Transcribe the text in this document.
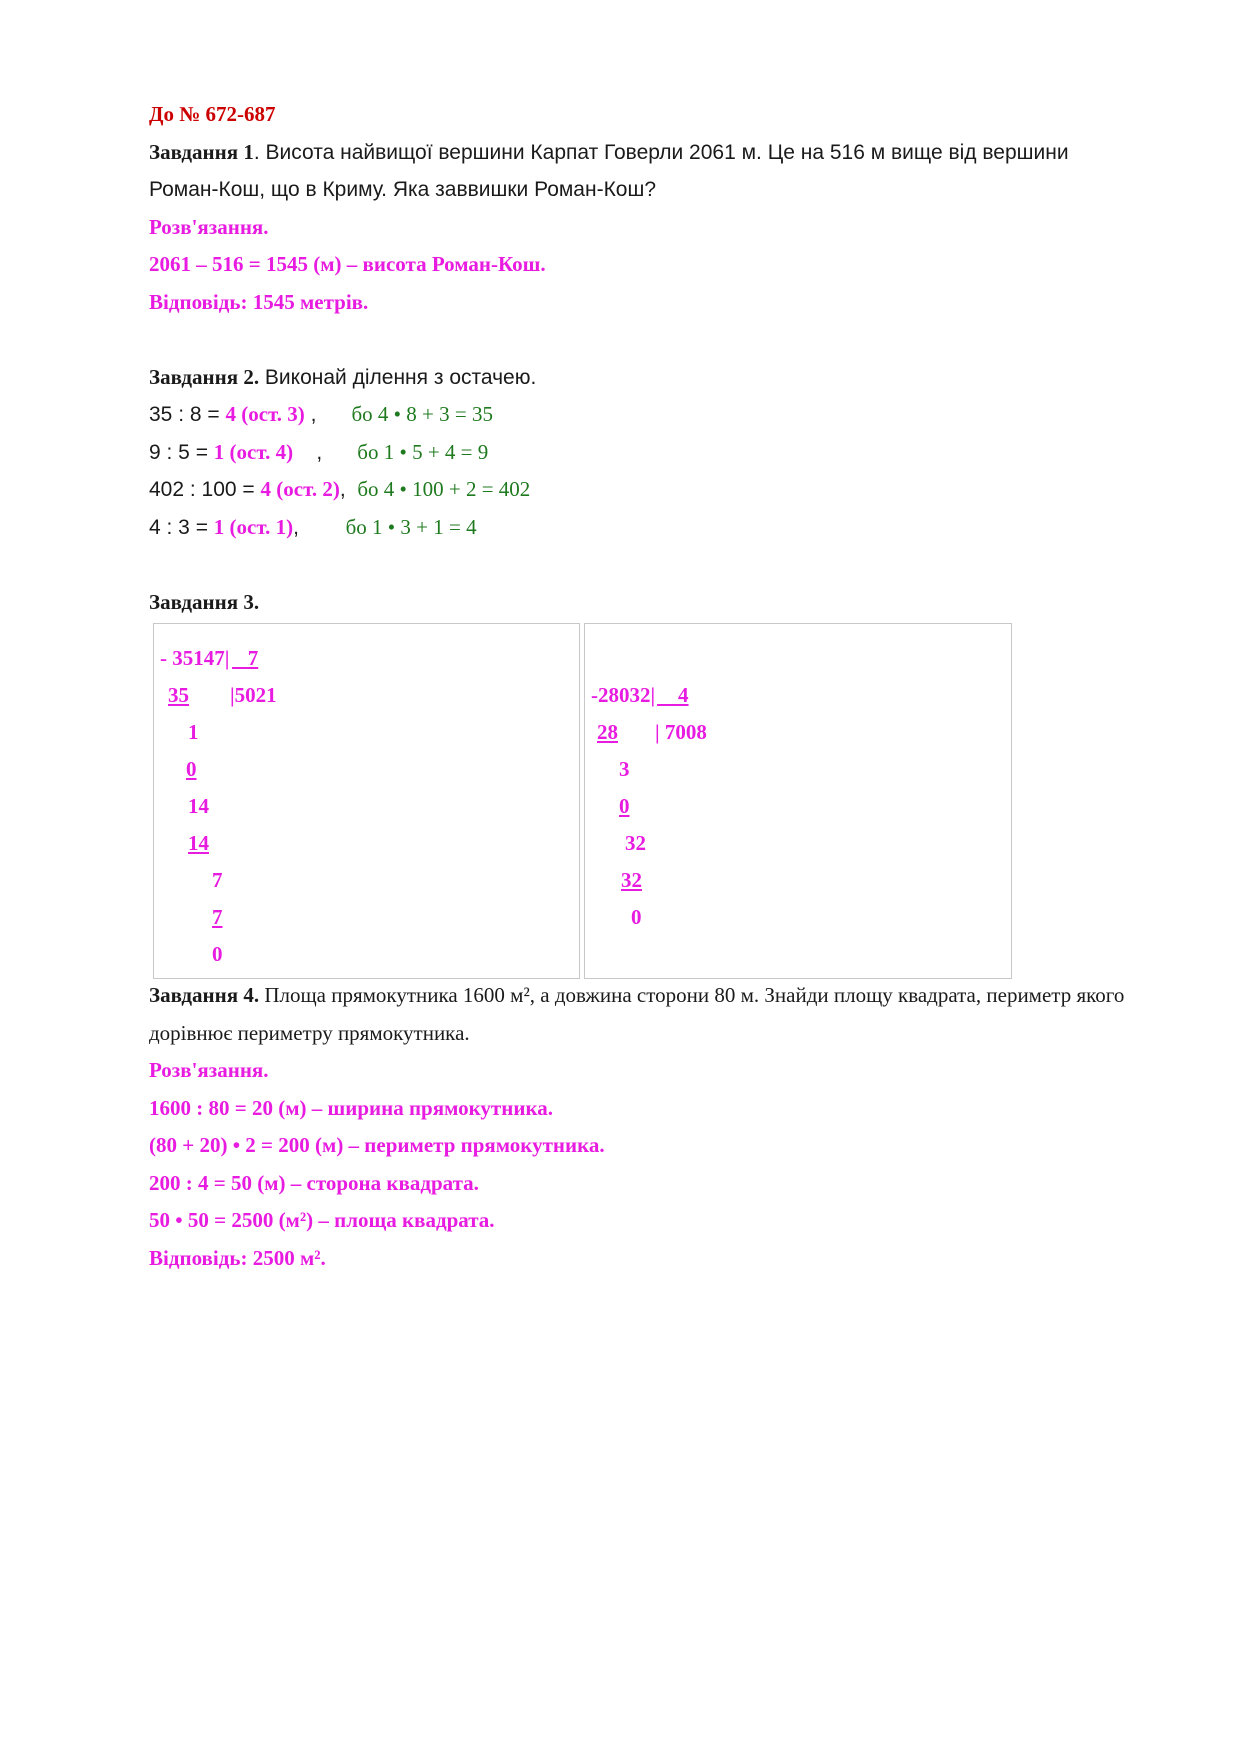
До № 672-687
Завдання 1. Висота найвищої вершини Карпат Говерли 2061 м. Це на 516 м вище від вершини Роман-Кош, що в Криму. Яка заввишки Роман-Кош?
Розв'язання.
2061 – 516 = 1545 (м) – висота Роман-Кош.
Відповідь: 1545 метрів.
Завдання 2. Виконай ділення з остачею.
35 : 8 = 4 (ост. 3) ,      бо 4 • 8 + 3 = 35
9 : 5 = 1 (ост. 4)    ,      бо 1 • 5 + 4 = 9
402 : 100 = 4 (ост. 2),  бо 4 • 100 + 2 = 402
4 : 3 = 1 (ост. 1),        бо 1 • 3 + 1 = 4
Завдання 3.
- 35147| 7
35 |5021
1
0
14
14
7
7
0
-28032| 4
28 | 7008
3
0
32
32
0
Завдання 4. Площа прямокутника 1600 м², а довжина сторони 80 м. Знайди площу квадрата, периметр якого дорівнює периметру прямокутника.
Розв'язання.
1600 : 80 = 20 (м) – ширина прямокутника.
(80 + 20) • 2 = 200 (м) – периметр прямокутника.
200 : 4 = 50 (м) – сторона квадрата.
50 • 50 = 2500 (м²) – площа квадрата.
Відповідь: 2500 м².
